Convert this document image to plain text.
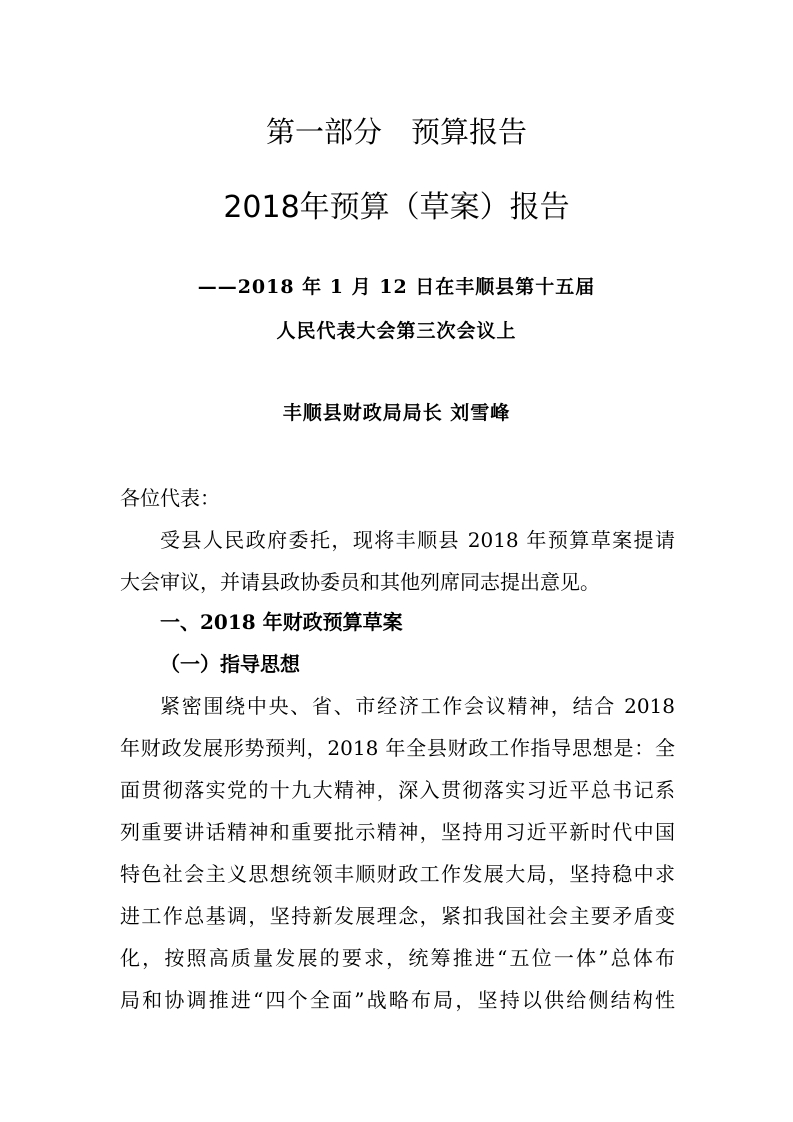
第一部分　预算报告
2018年预算（草案）报告
——2018 年 1 月 12 日在丰顺县第十五届
人民代表大会第三次会议上
丰顺县财政局局长 刘雪峰
各位代表：
受县人民政府委托，现将丰顺县 2018 年预算草案提请
大会审议，并请县政协委员和其他列席同志提出意见。
一、2018 年财政预算草案
（一）指导思想
紧密围绕中央、省、市经济工作会议精神，结合 2018
年财政发展形势预判，2018 年全县财政工作指导思想是：全
面贯彻落实党的十九大精神，深入贯彻落实习近平总书记系
列重要讲话精神和重要批示精神，坚持用习近平新时代中国
特色社会主义思想统领丰顺财政工作发展大局，坚持稳中求
进工作总基调，坚持新发展理念，紧扣我国社会主要矛盾变
化，按照高质量发展的要求，统筹推进“五位一体”总体布
局和协调推进“四个全面”战略布局，坚持以供给侧结构性
